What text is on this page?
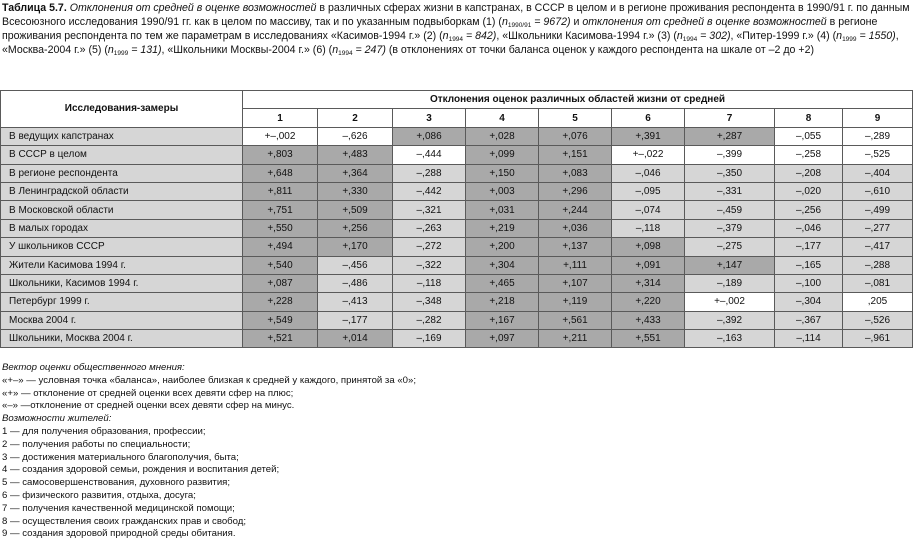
Таблица 5.7. Отклонения от средней в оценке возможностей в различных сферах жизни в капстранах, в СССР в целом и в регионе проживания респондента в 1990/91 г. по данным Всесоюзного исследования 1990/91 гг. как в целом по массиву, так и по указанным подвыборкам (1) $(n_{1990/91} = 9672)$ и отклонения от средней в оценке возможностей в регионе проживания респондента по тем же параметрам в исследованиях «Касимов-1994 г.» (2) $(n_{1994} = 842)$, «Школьники Касимова-1994 г.» (3) $(n_{1994} = 302)$, «Питер-1999 г.» (4) $(n_{1999} = 1550)$, «Москва-2004 г.» (5) $(n_{1999} = 131)$, «Школьники Москвы-2004 г.» (6) $(n_{1994} = 247)$ (в отклонениях от точки баланса оценок у каждого респондента на шкале от –2 до +2)
Исследования-замеры	Отклонения оценок различных областей жизни от средней								
	1	2	3	4	5	6	7	8	9
В ведущих капстранах	+–,002	–,626	+,086	+,028	+,076	+,391	+,287	–,055	–,289
В СССР в целом	+,803	+,483	–,444	+,099	+,151	+–,022	–,399	–,258	–,525
В регионе респондента	+,648	+,364	–,288	+,150	+,083	–,046	–,350	–,208	–,404
В Ленинградской области	+,811	+,330	–,442	+,003	+,296	–,095	–,331	–,020	–,610
В Московской области	+,751	+,509	–,321	+,031	+,244	–,074	–,459	–,256	–,499
В малых городах	+,550	+,256	–,263	+,219	+,036	–,118	–,379	–,046	–,277
У школьников СССР	+,494	+,170	–,272	+,200	+,137	+,098	–,275	–,177	–,417
Жители Касимова 1994 г.	+,540	–,456	–,322	+,304	+,111	+,091	+,147	–,165	–,288
Школьники, Касимов 1994 г.	+,087	–,486	–,118	+,465	+,107	+,314	–,189	–,100	–,081
Петербург 1999 г.	+,228	–,413	–,348	+,218	+,119	+,220	+–,002	–,304	,205
Москва 2004 г.	+,549	–,177	–,282	+,167	+,561	+,433	–,392	–,367	–,526
Школьники, Москва 2004 г.	+,521	+,014	–,169	+,097	+,211	+,551	–,163	–,114	–,961
Вектор оценки общественного мнения:
«+–» — условная точка «баланса», наиболее близкая к средней у каждого, принятой за «0»;
«+» — отклонение от средней оценки всех девяти сфер на плюс;
«–» —отклонение от средней оценки всех девяти сфер на минус.
Возможности жителей:
1 — для получения образования, профессии;
2 — получения работы по специальности;
3 — достижения материального благополучия, быта;
4 — создания здоровой семьи, рождения и воспитания детей;
5 — самосовершенствования, духовного развития;
6 — физического развития, отдыха, досуга;
7 — получения качественной медицинской помощи;
8 — осуществления своих гражданских прав и свобод;
9 — создания здоровой природной среды обитания.
